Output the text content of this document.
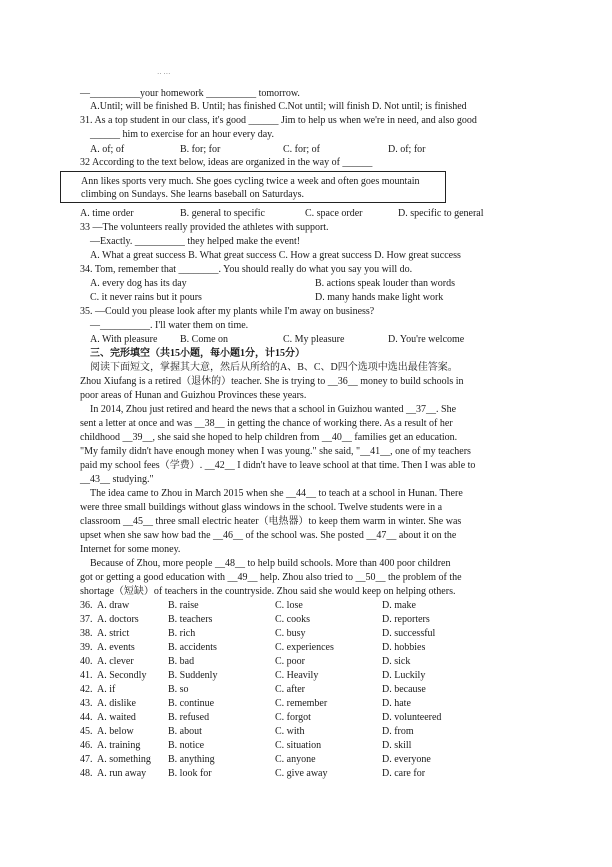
·· ···
—__________your homework __________ tomorrow.
A.Until; will be finished B. Until; has finished C.Not until; will finish D. Not until; is finished
31. As a top student in our class, it's good ______ Jim to help us when we're in need, and also good
______ him to exercise for an hour every day.
A. of; of	B. for; for	C. for; of	D. of; for
32 According to the text below, ideas are organized in the way of ______
Ann likes sports very much. She goes cycling twice a week and often goes mountain
climbing on Sundays. She learns baseball on Saturdays.
A. time order	B. general to specific	C. space order	D. specific to general
33 —The volunteers really provided the athletes with support.
—Exactly. __________ they helped make the event!
A. What a great success B. What great success C. How a great success D. How great success
34. Tom, remember that ________. You should really do what you say you will do.
A. every dog has its day	B. actions speak louder than words
C. it never rains but it pours	D. many hands make light work
35. —Could you please look after my plants while I'm away on business?
—__________. I'll water them on time.
A. With pleasure B. Come on	C. My pleasure	D. You're welcome
三、完形填空（共15小题，每小题1分，计15分）
阅读下面短文，掌握其大意，然后从所给的A、B、C、D四个选项中选出最佳答案。
Zhou Xiufang is a retired（退休的）teacher. She is trying to __36__ money to build schools in
poor areas of Hunan and Guizhou Provinces these years.
In 2014, Zhou just retired and heard the news that a school in Guizhou wanted __37__. She
sent a letter at once and was __38__ in getting the chance of working there. As a result of her
childhood __39__, she said she hoped to help children from __40__ families get an education.
"My family didn't have enough money when I was young." she said, "__41__, one of my teachers
paid my school fees（学费）. __42__ I didn't have to leave school at that time. Then I was able to
__43__ studying."
The idea came to Zhou in March 2015 when she __44__ to teach at a school in Hunan. There
were three small buildings without glass windows in the school. Twelve students were in a
classroom __45__ three small electric heater（电热器）to keep them warm in winter. She was
upset when she saw how bad the __46__ of the school was. She posted __47__ about it on the
Internet for some money.
Because of Zhou, more people __48__ to help build schools. More than 400 poor children
got or getting a good education with __49__ help. Zhou also tried to __50__ the problem of the
shortage（短缺）of teachers in the countryside. Zhou said she would keep on helping others.
36. A. draw	B. raise	C. lose	D. make
37. A. doctors	B. teachers	C. cooks	D. reporters
38. A. strict	B. rich	C. busy	D. successful
39. A. events	B. accidents	C. experiences	D. hobbies
40. A. clever	B. bad	C. poor	D. sick
41. A. Secondly B. Suddenly	C. Heavily	D. Luckily
42. A. if	B. so	C. after	D. because
43. A. dislike	B. continue	C. remember	D. hate
44. A. waited	B. refused	C. forgot	D. volunteered
45. A. below	B. about	C. with	D. from
46. A. training	B. notice	C. situation	D. skill
47. A. something B. anything	C. anyone	D. everyone
48. A. run away B. look for	C. give away	D. care for
